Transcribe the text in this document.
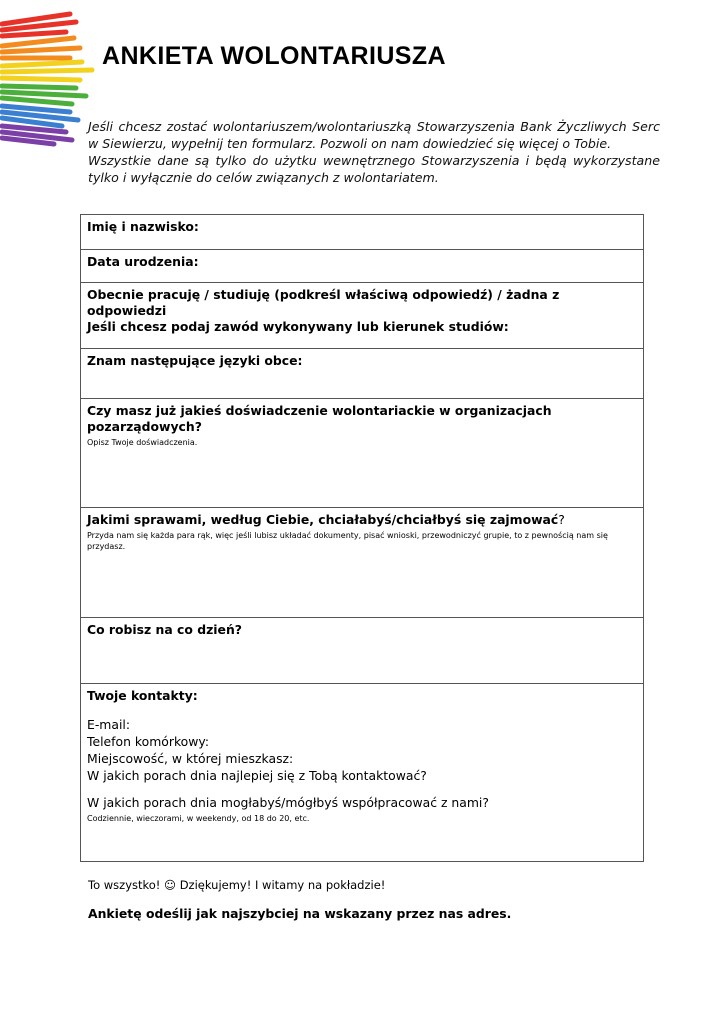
ANKIETA WOLONTARIUSZA

Jeśli chcesz zostać wolontariuszem/wolontariuszką Stowarzyszenia Bank Życzliwych Serc w Siewierzu, wypełnij ten formularz. Pozwoli on nam dowiedzieć się więcej o Tobie.

Wszystkie dane są tylko do użytku wewnętrznego Stowarzyszenia i będą wykorzystane tylko i wyłącznie do celów związanych z wolontariatem.

Imię i nazwisko:
Data urodzenia:
Obecnie pracuję / studiuję (podkreśl właściwą odpowiedź) / żadna z odpowiedzi
Jeśli chcesz podaj zawód wykonywany lub kierunek studiów:
Znam następujące języki obce:
Czy masz już jakieś doświadczenie wolontariackie w organizacjach pozarządowych?
Opisz Twoje doświadczenia.
Jakimi sprawami, według Ciebie, chciałabyś/chciałbyś się zajmować?
Przyda nam się każda para rąk, więc jeśli lubisz układać dokumenty, pisać wnioski, przewodniczyć grupie, to z pewnością nam się przydasz.
Co robisz na co dzień?
Twoje kontakty:
E-mail:
Telefon komórkowy:
Miejscowość, w której mieszkasz:
W jakich porach dnia najlepiej się z Tobą kontaktować?
W jakich porach dnia mogłabyś/mógłbyś współpracować z nami?
Codziennie, wieczorami, w weekendy, od 18 do 20, etc.
To wszystko! ☺ Dziękujemy! I witamy na pokładzie!
Ankietę odeślij jak najszybciej na wskazany przez nas adres.
